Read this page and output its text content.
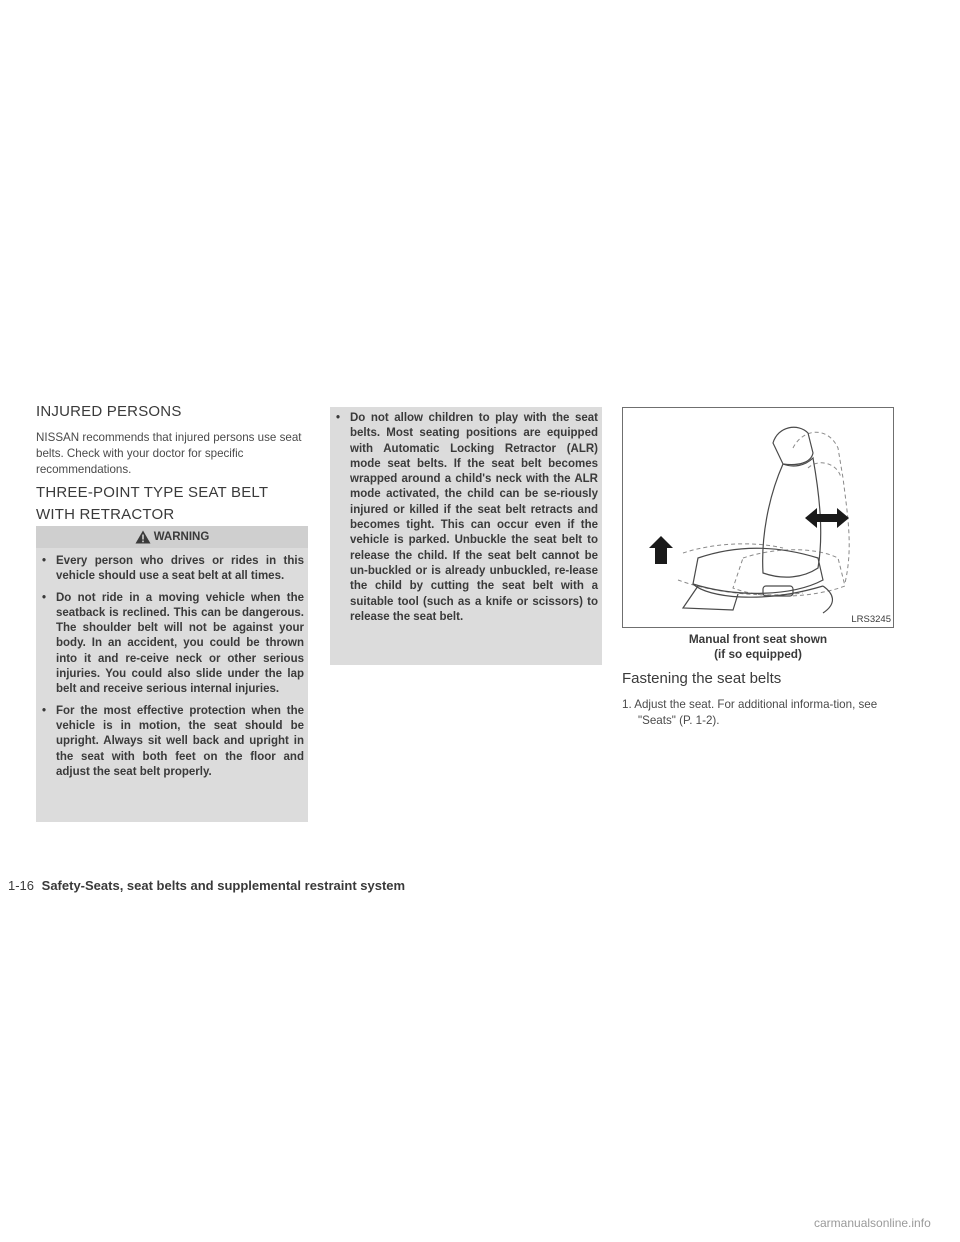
INJURED PERSONS
NISSAN recommends that injured persons use seat belts. Check with your doctor for specific recommendations.
THREE-POINT TYPE SEAT BELT WITH RETRACTOR
WARNING
• Every person who drives or rides in this vehicle should use a seat belt at all times.
• Do not ride in a moving vehicle when the seatback is reclined. This can be dangerous. The shoulder belt will not be against your body. In an accident, you could be thrown into it and re-ceive neck or other serious injuries. You could also slide under the lap belt and receive serious internal injuries.
• For the most effective protection when the vehicle is in motion, the seat should be upright. Always sit well back and upright in the seat with both feet on the floor and adjust the seat belt properly.
• Do not allow children to play with the seat belts. Most seating positions are equipped with Automatic Locking Retractor (ALR) mode seat belts. If the seat belt becomes wrapped around a child's neck with the ALR mode activated, the child can be se-riously injured or killed if the seat belt retracts and becomes tight. This can occur even if the vehicle is parked. Unbuckle the seat belt to release the child. If the seat belt cannot be un-buckled or is already unbuckled, re-lease the child by cutting the seat belt with a suitable tool (such as a knife or scissors) to release the seat belt.	LRS3245
Manual front seat shown
(if so equipped)
Fastening the seat belts
1. Adjust the seat. For additional informa-tion, see "Seats" (P. 1-2).
1-16 Safety-Seats, seat belts and supplemental restraint system
carmanualsonline.info
